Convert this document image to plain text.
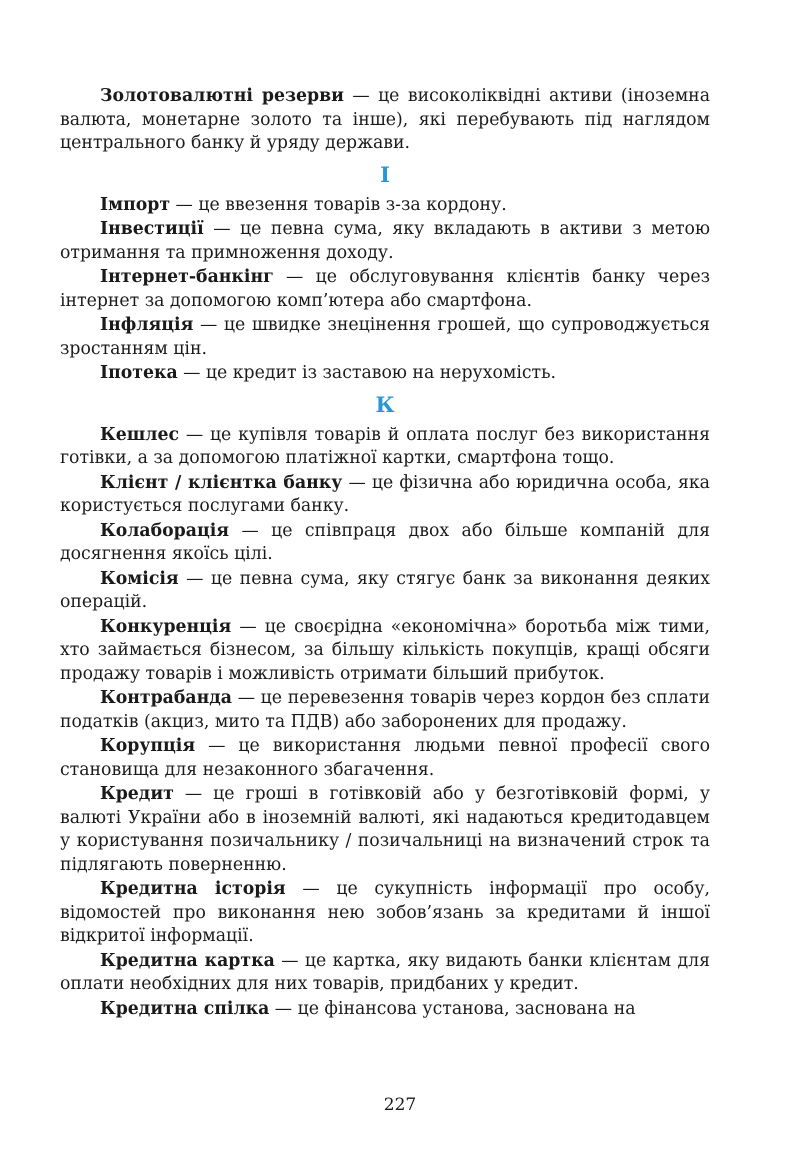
Золотовалютні резерви — це високоліквідні активи (іноземна валюта, монетарне золото та інше), які перебувають під наглядом центрального банку й уряду держави.

І

Імпорт — це ввезення товарів з-за кордону.

Інвестиції — це певна сума, яку вкладають в активи з метою отримання та примноження доходу.

Інтернет-банкінг — це обслуговування клієнтів банку через інтернет за допомогою комп’ютера або смартфона.

Інфляція — це швидке знецінення грошей, що супроводжується зростанням цін.

Іпотека — це кредит із заставою на нерухомість.

К

Кешлес — це купівля товарів й оплата послуг без використання готівки, а за допомогою платіжної картки, смартфона тощо.

Клієнт / клієнтка банку — це фізична або юридична особа, яка користується послугами банку.

Колаборація — це співпраця двох або більше компаній для досягнення якоїсь цілі.

Комісія — це певна сума, яку стягує банк за виконання деяких операцій.

Конкуренція — це своєрідна «економічна» боротьба між тими, хто займається бізнесом, за більшу кількість покупців, кращі обсяги продажу товарів і можливість отримати більший прибуток.

Контрабанда — це перевезення товарів через кордон без сплати податків (акциз, мито та ПДВ) або заборонених для продажу.

Корупція — це використання людьми певної професії свого становища для незаконного збагачення.

Кредит — це гроші в готівковій або у безготівковій формі, у валюті України або в іноземній валюті, які надаються кредитодавцем у користування позичальнику / позичальниці на визначений строк та підлягають поверненню.

Кредитна історія — це сукупність інформації про особу, відомостей про виконання нею зобов’язань за кредитами й іншої відкритої інформації.

Кредитна картка — це картка, яку видають банки клієнтам для оплати необхідних для них товарів, придбаних у кредит.

Кредитна спілка — це фінансова установа, заснована на

227
